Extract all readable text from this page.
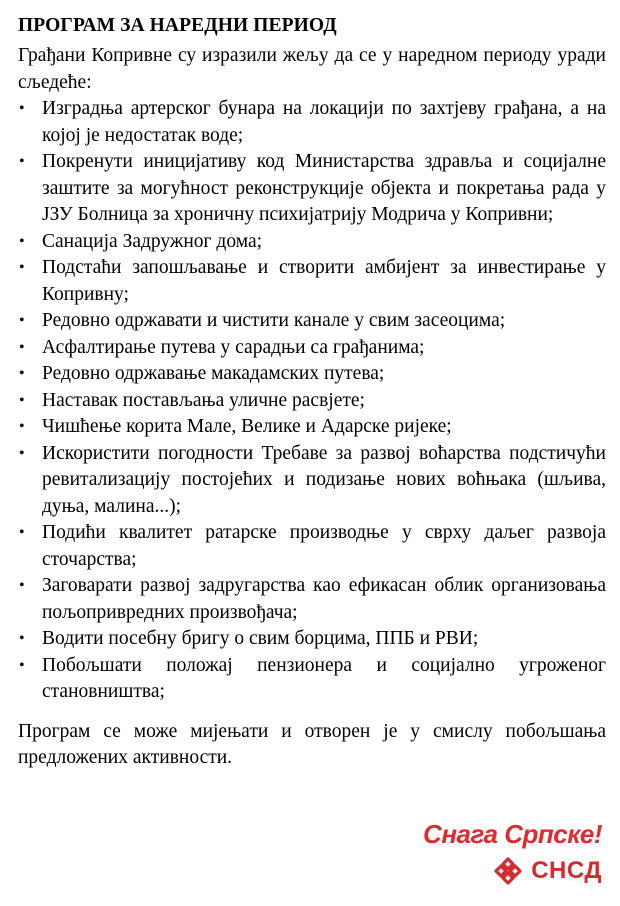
ПРОГРАМ ЗА НАРЕДНИ ПЕРИОД

Грађани Копривне су изразили жељу да се у наредном периоду уради сљедеће:

• Изградња артерског бунара на локацији по захтјеву грађана, а на којој је недостатак воде;
• Покренути иницијативу код Министарства здравља и социјалне заштите за могућност реконструкције објекта и покретања рада у ЈЗУ Болница за хроничну психијатрију Модрича у Копривни;
• Санација Задружног дома;
• Подстаћи запошљавање и створити амбијент за инвестирање у Копривну;
• Редовно одржавати и чистити канале у свим засеоцима;
• Асфалтирање путева у сарадњи са грађанима;
• Редовно одржавање макадамских путева;
• Наставак постављања уличне расвјете;
• Чишћење корита Мале, Велике и Адарске ријеке;
• Искористити погодности Требаве за развој воћарства подстичући ревитализацију постојећих и подизање нових воћњака (шљива, дуња, малина...);
• Подићи квалитет ратарске производње у сврху даљег развоја сточарства;
• Заговарати развој задругарства као ефикасан облик организовања пољопривредних произвођача;
• Водити посебну бригу о свим борцима, ППБ и РВИ;
• Побољшати положај пензионера и социјално угроженог становништва;

Програм се може мијењати и отворен је у смислу побољшања предложених активности.

Снага Српске!
СНСД
